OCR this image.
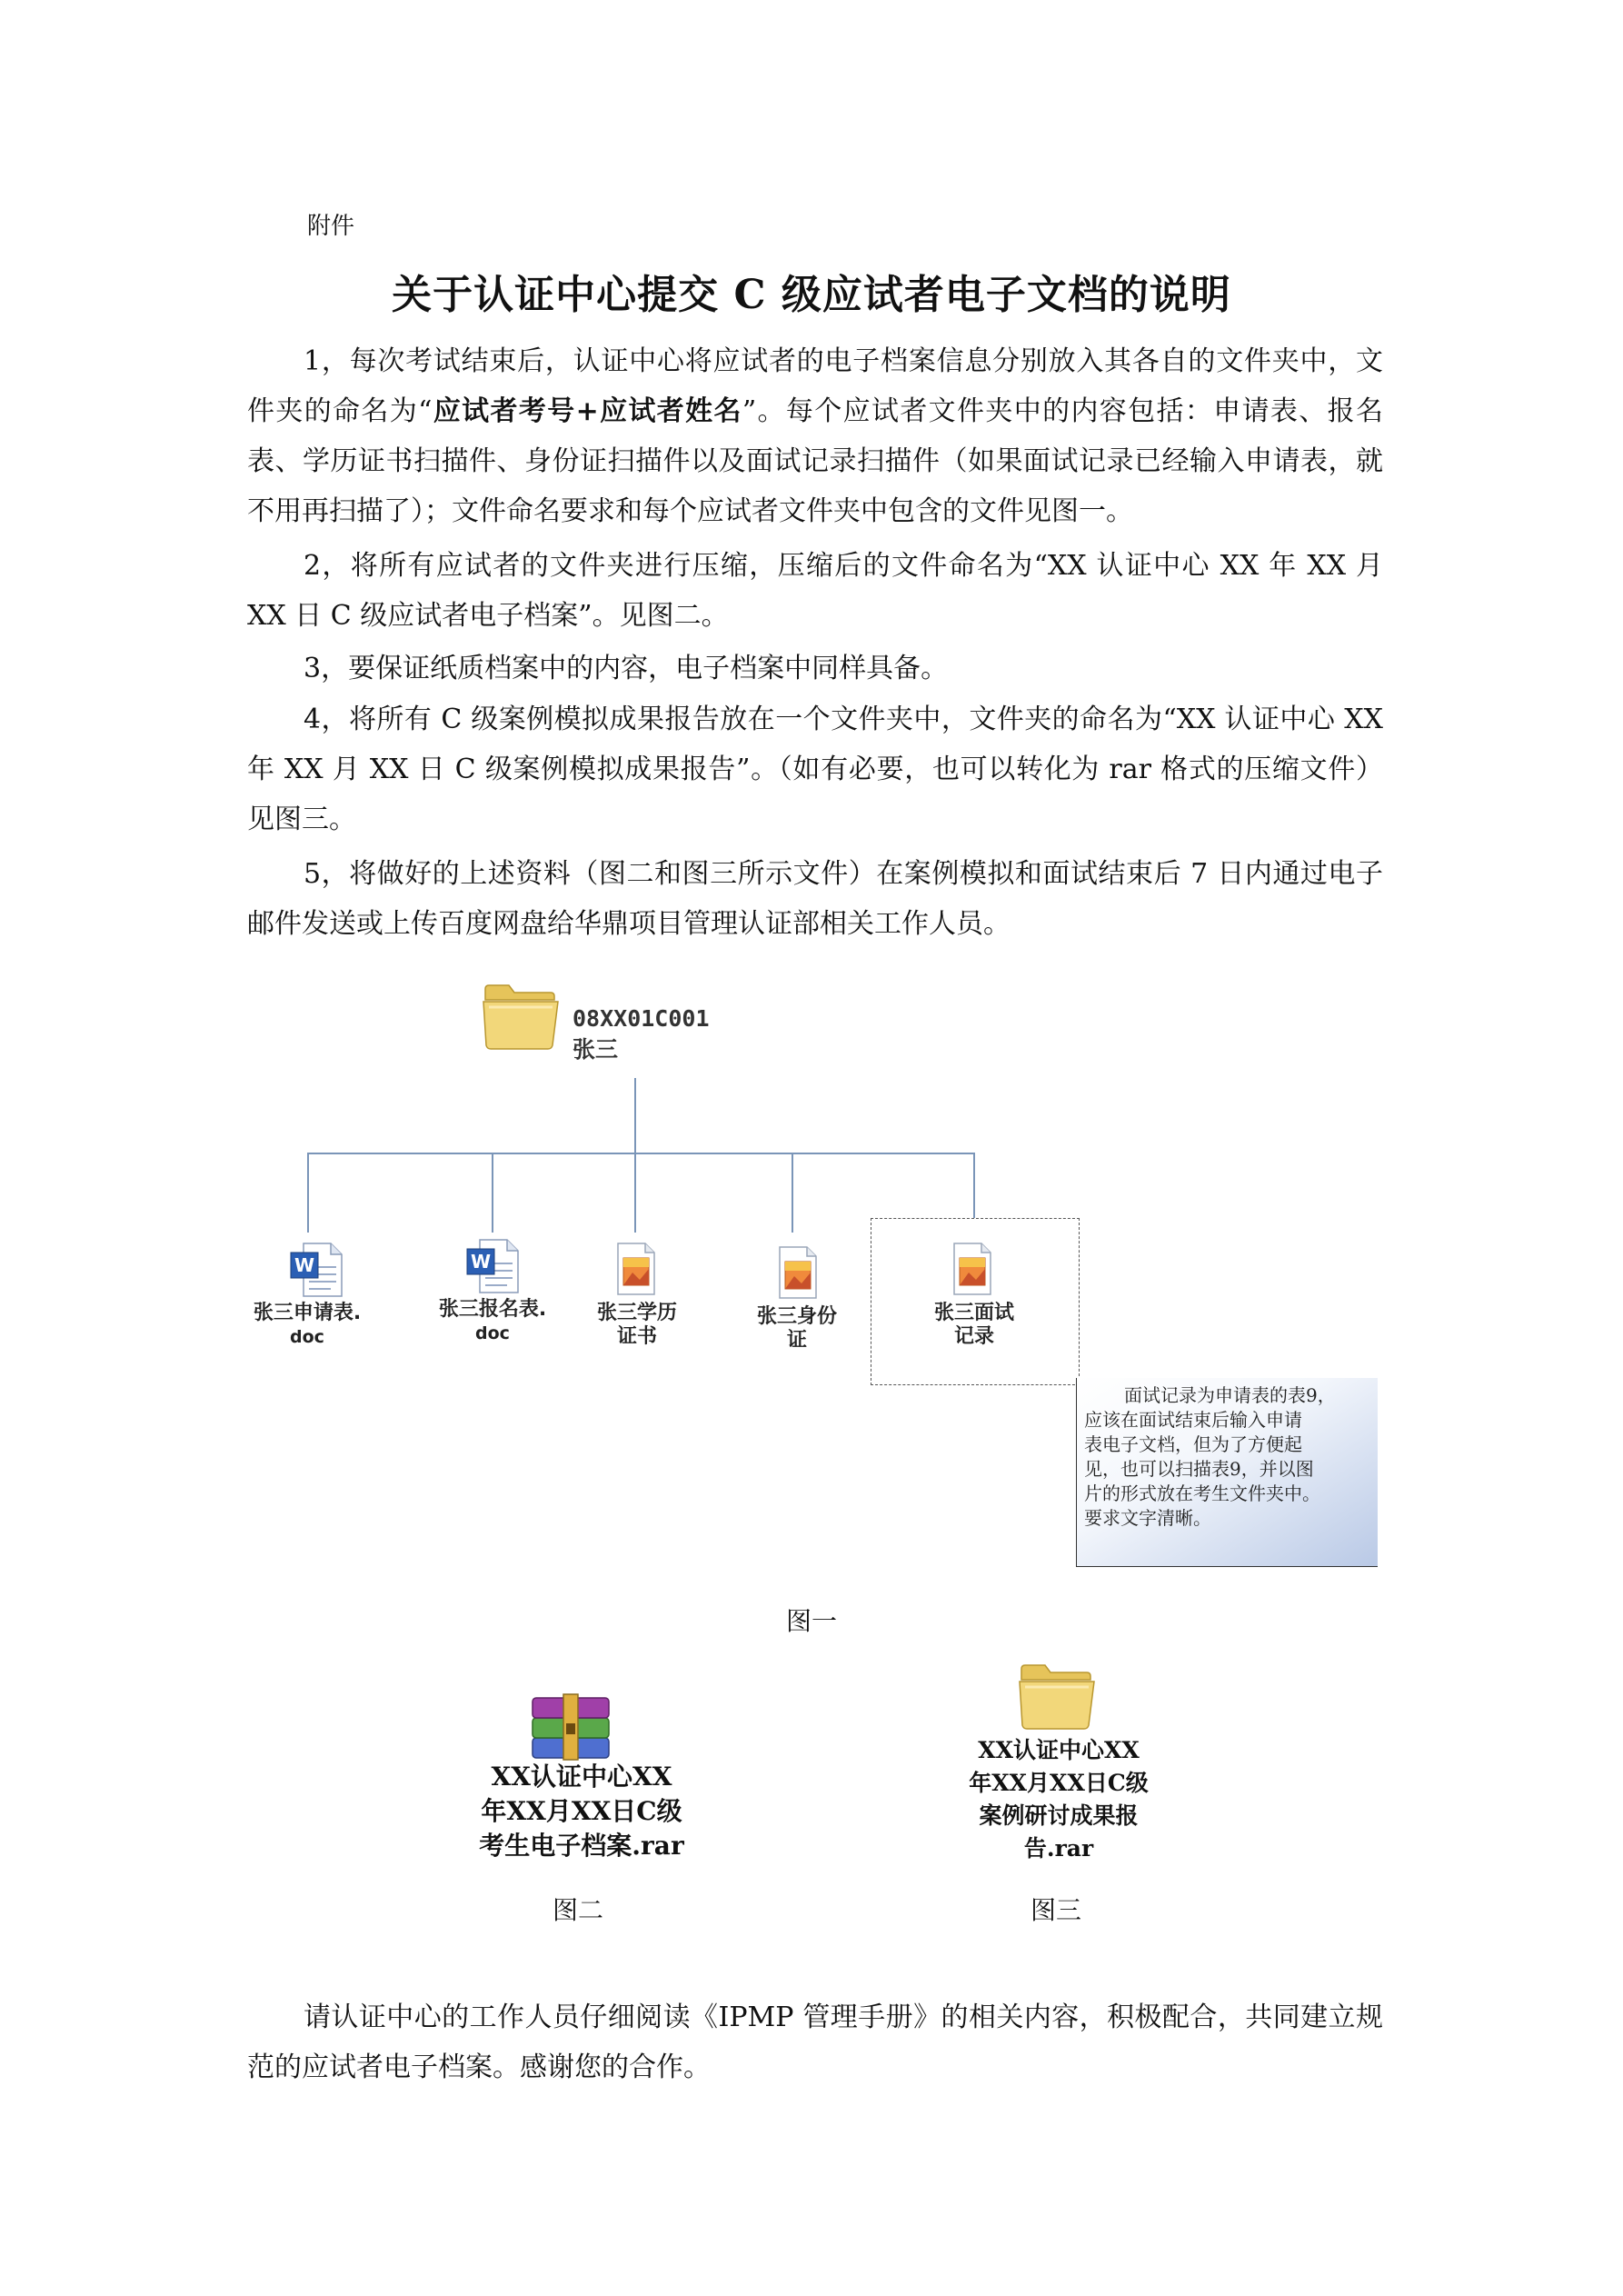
附件
关于认证中心提交 C 级应试者电子文档的说明

1，每次考试结束后，认证中心将应试者的电子档案信息分别放入其各自的文件夹中，文件夹的命名为“应试者考号+应试者姓名”。每个应试者文件夹中的内容包括：申请表、报名表、学历证书扫描件、身份证扫描件以及面试记录扫描件（如果面试记录已经输入申请表，就不用再扫描了）；文件命名要求和每个应试者文件夹中包含的文件见图一。

2，将所有应试者的文件夹进行压缩，压缩后的文件命名为“XX 认证中心 XX 年 XX 月 XX 日 C 级应试者电子档案”。见图二。

3，要保证纸质档案中的内容，电子档案中同样具备。

4，将所有 C 级案例模拟成果报告放在一个文件夹中，文件夹的命名为“XX 认证中心 XX 年 XX 月 XX 日 C 级案例模拟成果报告”。（如有必要，也可以转化为 rar 格式的压缩文件）见图三。

5，将做好的上述资料（图二和图三所示文件）在案例模拟和面试结束后 7 日内通过电子邮件发送或上传百度网盘给华鼎项目管理认证部相关工作人员。

08XX01C001张三
W
张三申请表.
doc
W
张三报名表.
doc
张三学历
证书
张三身份
证
张三面试
记录
面试记录为申请表的表9，
应该在面试结束后输入申请
表电子文档，但为了方便起
见，也可以扫描表9，并以图
片的形式放在考生文件夹中。
要求文字清晰。
图一
XX认证中心XX
年XX月XX日C级
考生电子档案.rar
图二
XX认证中心XX
年XX月XX日C级
案例研讨成果报
告.rar
图三

请认证中心的工作人员仔细阅读《IPMP 管理手册》的相关内容，积极配合，共同建立规范的应试者电子档案。感谢您的合作。
